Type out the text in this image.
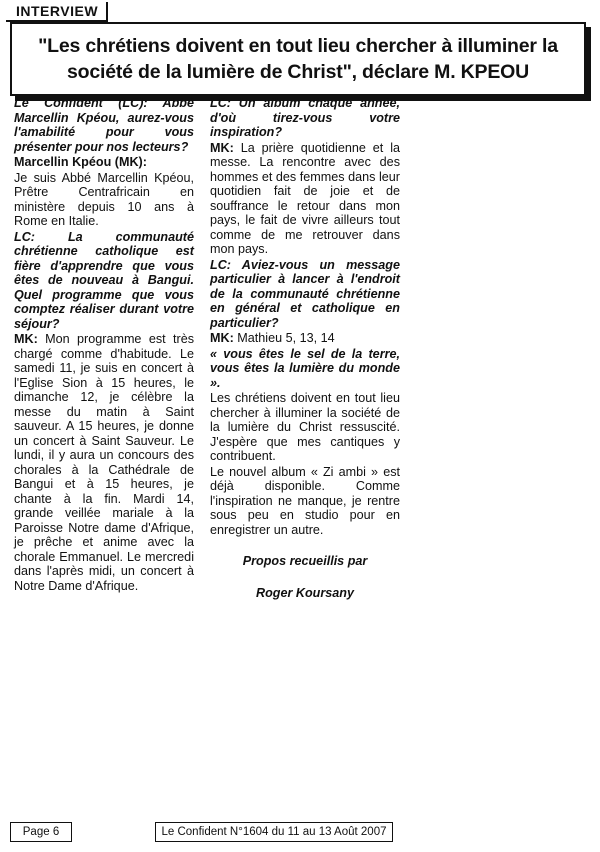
INTERVIEW
"Les chrétiens doivent en tout lieu chercher à illuminer la société de la lumière de Christ", déclare M. KPEOU

Le Confident (LC): Abbé Marcellin Kpéou, aurez-vous l'amabilité pour vous présenter pour nos lecteurs?

Marcellin Kpéou (MK):

Je suis Abbé Marcellin Kpéou, Prêtre Centrafricain en ministère depuis 10 ans à Rome en Italie.

LC: La communauté chrétienne catholique est fière d'apprendre que vous êtes de nouveau à Bangui. Quel programme que vous comptez réaliser durant votre séjour?

MK: Mon programme est très chargé comme d'habitude. Le samedi 11, je suis en concert à l'Eglise Sion à 15 heures, le dimanche 12, je célèbre la messe du matin à Saint sauveur. A 15 heures, je donne un concert à Saint Sauveur. Le lundi, il y aura un concours des chorales à la Cathédrale de Bangui et à 15 heures, je chante à la fin. Mardi 14, grande veillée mariale à la Paroisse Notre dame d'Afrique, je prêche et anime avec la chorale Emmanuel. Le mercredi dans l'après midi, un concert à Notre Dame d'Afrique.

LC: Un album chaque année, d'où tirez-vous votre inspiration?

MK: La prière quotidienne et la messe. La rencontre avec des hommes et des femmes dans leur quotidien fait de joie et de souffrance le retour dans mon pays, le fait de vivre ailleurs tout comme de me retrouver dans mon pays.

LC: Aviez-vous un message particulier à lancer à l'endroit de la communauté chrétienne en général et catholique en particulier?

MK: Mathieu 5, 13, 14

« vous êtes le sel de la terre, vous êtes la lumière du monde ».

Les chrétiens doivent en tout lieu chercher à illuminer la société de la lumière du Christ ressuscité. J'espère que mes cantiques y contribuent.

Le nouvel album « Zi ambi » est déjà disponible. Comme l'inspiration ne manque, je rentre sous peu en studio pour en enregistrer un autre.

Propos recueillis par

Roger Koursany

Page 6	Le Confident N°1604 du 11 au 13 Août 2007
